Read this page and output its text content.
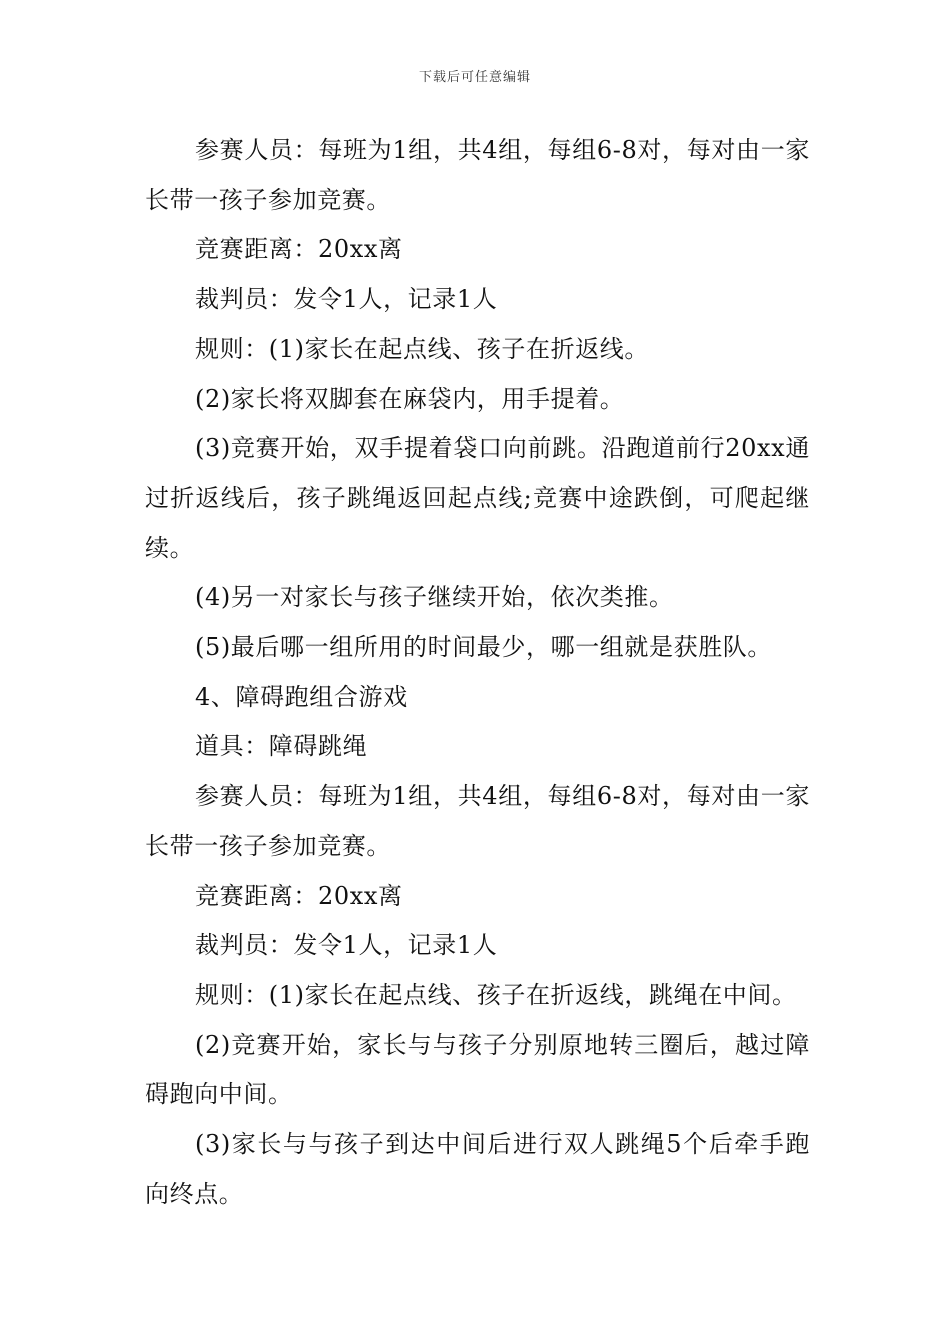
下载后可任意编辑

参赛人员：每班为1组，共4组，每组6-8对，每对由一家长带一孩子参加竞赛。

竞赛距离：20xx离

裁判员：发令1人，记录1人

规则：(1)家长在起点线、孩子在折返线。

(2)家长将双脚套在麻袋内，用手提着。

(3)竞赛开始，双手提着袋口向前跳。沿跑道前行20xx通过折返线后，孩子跳绳返回起点线;竞赛中途跌倒，可爬起继续。

(4)另一对家长与孩子继续开始，依次类推。

(5)最后哪一组所用的时间最少，哪一组就是获胜队。

4、障碍跑组合游戏

道具：障碍跳绳

参赛人员：每班为1组，共4组，每组6-8对，每对由一家长带一孩子参加竞赛。

竞赛距离：20xx离

裁判员：发令1人，记录1人

规则：(1)家长在起点线、孩子在折返线，跳绳在中间。

(2)竞赛开始，家长与与孩子分别原地转三圈后，越过障碍跑向中间。

(3)家长与与孩子到达中间后进行双人跳绳5个后牵手跑向终点。
